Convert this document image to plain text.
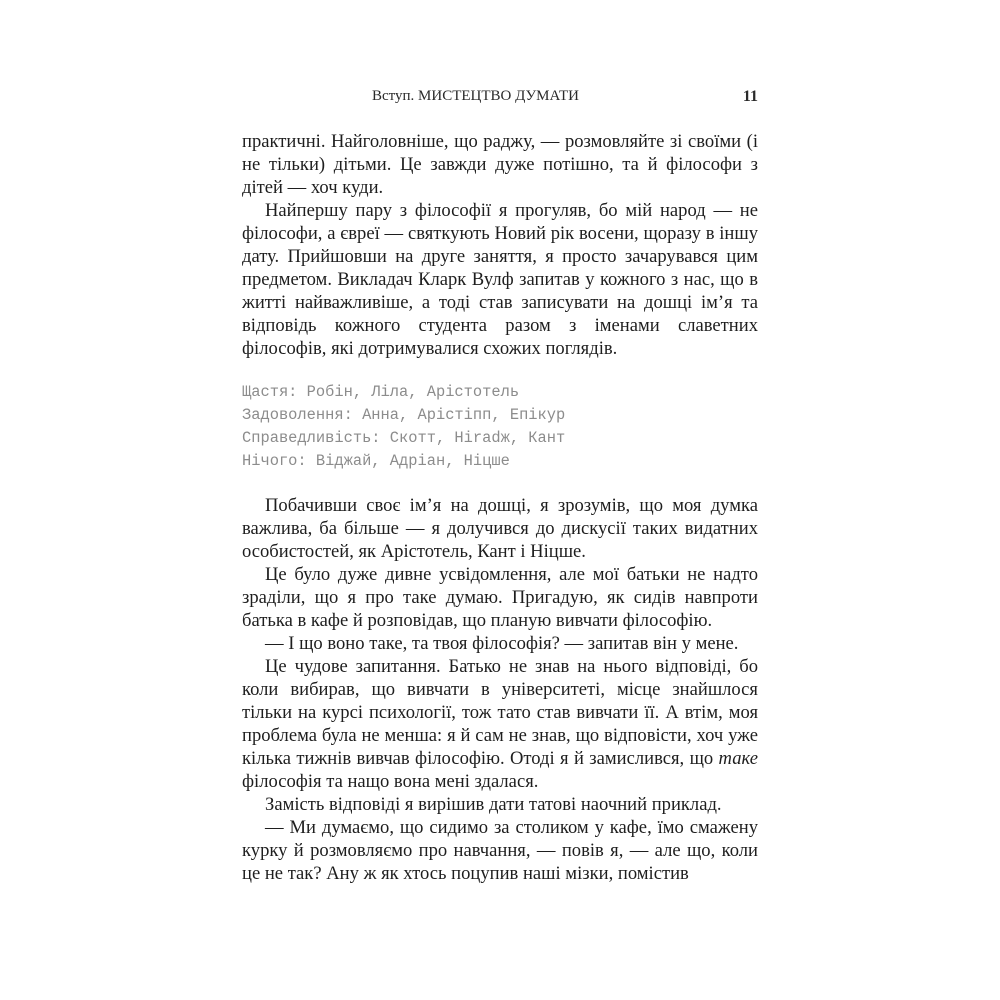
Вступ. МИСТЕЦТВО ДУМАТИ	11

практичні. Найголовніше, що раджу, — розмовляйте зі своїми (і не тільки) дітьми. Це завжди дуже потішно, та й філософи з дітей — хоч куди.

Найпершу пару з філософії я прогуляв, бо мій народ — не філософи, а євреї — святкують Новий рік восени, щоразу в іншу дату. Прийшовши на друге заняття, я просто зачарувався цим предметом. Викладач Кларк Вулф запитав у кожного з нас, що в житті найважливіше, а тоді став записувати на дошці ім’я та відповідь кожного студента разом з іменами славетних філософів, які дотримувалися схожих поглядів.

Щастя: Робін, Ліла, Арістотель
Задоволення: Анна, Арістіпп, Епікур
Справедливість: Скотт, Ніradж, Кант
Нічого: Віджай, Адріан, Ніцше

Побачивши своє ім’я на дошці, я зрозумів, що моя думка важлива, ба більше — я долучився до дискусії таких видатних особистостей, як Арістотель, Кант і Ніцше.

Це було дуже дивне усвідомлення, але мої батьки не надто зраділи, що я про таке думаю. Пригадую, як сидів навпроти батька в кафе й розповідав, що планую вивчати філософію.

— І що воно таке, та твоя філософія? — запитав він у мене.

Це чудове запитання. Батько не знав на нього відповіді, бо коли вибирав, що вивчати в університеті, місце знайшлося тільки на курсі психології, тож тато став вивчати її. А втім, моя проблема була не менша: я й сам не знав, що відповісти, хоч уже кілька тижнів вивчав філософію. Отоді я й замислився, що таке філософія та нащо вона мені здалася.

Замість відповіді я вирішив дати татові наочний приклад.

— Ми думаємо, що сидимо за столиком у кафе, їмо смажену курку й розмовляємо про навчання, — повів я, — але що, коли це не так? Ану ж як хтось поцупив наші мізки, помістив
